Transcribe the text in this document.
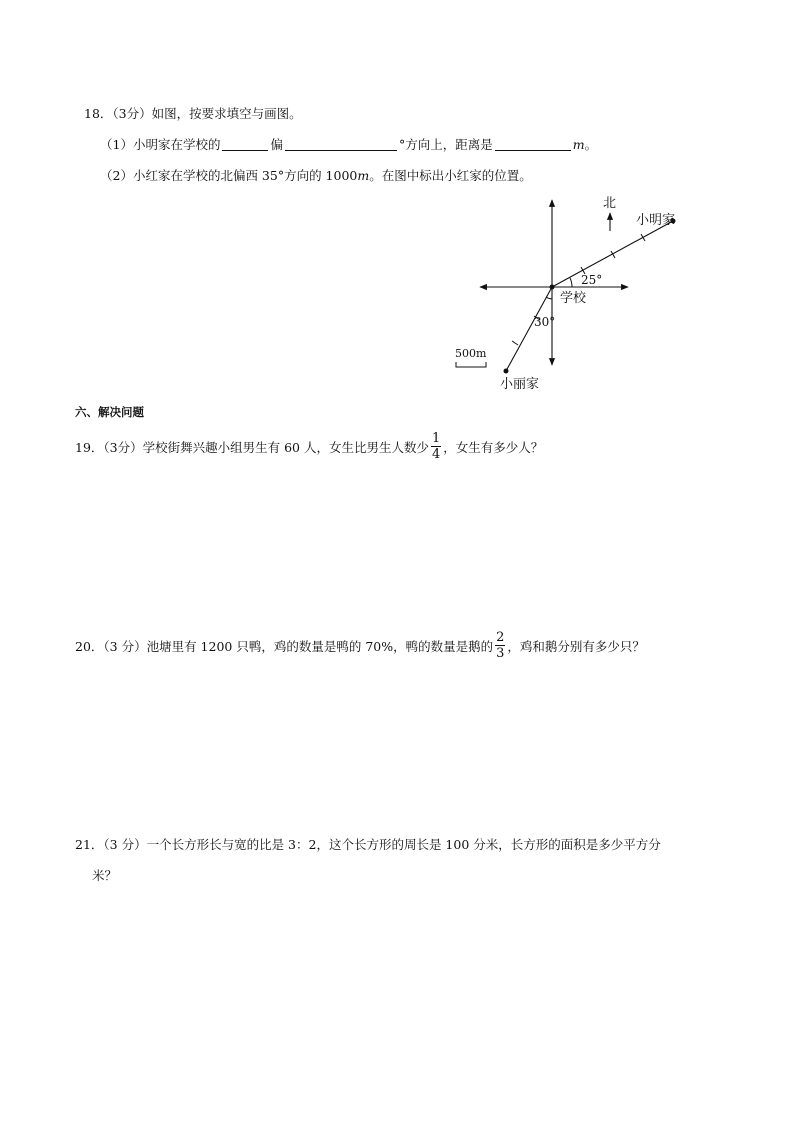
18．（3分）如图，按要求填空与画图。
（1）小明家在学校的	偏	°方向上，距离是	m 。
（2）小红家在学校的北偏西 35°方向的 1000 m 。在图中标出小红家的位置。
北
小明家
25°
学校
小丽家
30°
500m
六、解决问题
19．（3分）学校街舞兴趣小组男生有 60 人，女生比男生人数少 $\frac{1}{4}$ ，女生有多少人？
20．（3 分）池塘里有 1200 只鸭，鸡的数量是鸭的 70%，鸭的数量是鹅的 $\frac{2}{3}$ ，鸡和鹅分别有多少只？
21．（3 分）一个长方形长与宽的比是 3：2，这个长方形的周长是 100 分米，长方形的面积是多少平方分
米？
